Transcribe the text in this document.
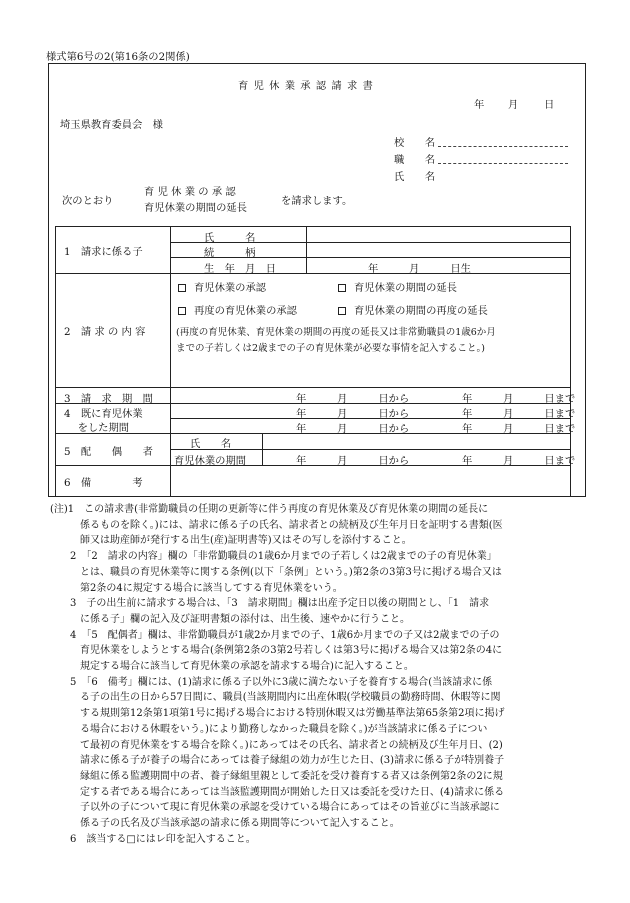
様式第6号の2(第16条の2関係)
育 児 休 業 承 認 請 求 書
年 月 日
埼玉県教育委員会　様
校　　名
職　　名
氏　　名
次のとおり
育 児 休 業 の 承 認
育児休業の期間の延長
を請求します。
1　請求に係る子
氏　　　名
続　　　柄
生　年　月　日	年　　　月　　　日生
2　請 求 の 内 容
育児休業の承認	育児休業の期間の延長
再度の育児休業の承認	育児休業の期間の再度の延長
(再度の育児休業、育児休業の期間の再度の延長又は非常勤職員の1歳6か月
までの子若しくは2歳までの子の育児休業が必要な事情を記入すること。)
3　請　求　期　間	年　　　月　　　日から	年　　　月　　　日まで
4　既に育児休業
　 をした期間
年　　　月　　　日から	年　　　月　　　日まで
年　　　月　　　日から	年　　　月　　　日まで
5　配　　偶　　者
氏　　名
育児休業の期間	年　　　月　　　日から	年　　　月　　　日まで
6　備　　　　考
(注)1　この請求書(非常勤職員の任期の更新等に伴う再度の育児休業及び育児休業の期間の延長に
　　　係るものを除く。)には、請求に係る子の氏名、請求者との続柄及び生年月日を証明する書類(医
　　　師又は助産師が発行する出生(産)証明書等)又はその写しを添付すること。
　　2　「2　請求の内容」欄の「非常勤職員の1歳6か月までの子若しくは2歳までの子の育児休業」
　　　とは、職員の育児休業等に関する条例(以下「条例」という。)第2条の3第3号に掲げる場合又は
　　　第2条の4に規定する場合に該当してする育児休業をいう。
　　3　子の出生前に請求する場合は、「3　請求期間」欄は出産予定日以後の期間とし、「1　請求
　　　に係る子」欄の記入及び証明書類の添付は、出生後、速やかに行うこと。
　　4　「5　配偶者」欄は、非常勤職員が1歳2か月までの子、1歳6か月までの子又は2歳までの子の
　　　育児休業をしようとする場合(条例第2条の3第2号若しくは第3号に掲げる場合又は第2条の4に
　　　規定する場合に該当して育児休業の承認を請求する場合)に記入すること。
　　5　「6　備考」欄には、(1)請求に係る子以外に3歳に満たない子を養育する場合(当該請求に係
　　　る子の出生の日から57日間に、職員(当該期間内に出産休暇(学校職員の勤務時間、休暇等に関
　　　する規則第12条第1項第1号に掲げる場合における特別休暇又は労働基準法第65条第2項に掲げ
　　　る場合における休暇をいう。)により勤務しなかった職員を除く。)が当該請求に係る子につい
　　　て最初の育児休業をする場合を除く。)にあってはその氏名、請求者との続柄及び生年月日、(2)
　　　請求に係る子が養子の場合にあっては養子縁組の効力が生じた日、(3)請求に係る子が特別養子
　　　縁組に係る監護期間中の者、養子縁組里親として委託を受け養育する者又は条例第2条の2に規
　　　定する者である場合にあっては当該監護期間が開始した日又は委託を受けた日、(4)請求に係る
　　　子以外の子について現に育児休業の承認を受けている場合にあってはその旨並びに当該承認に
　　　係る子の氏名及び当該承認の請求に係る期間等について記入すること。
　　6　該当する□にはレ印を記入すること。
